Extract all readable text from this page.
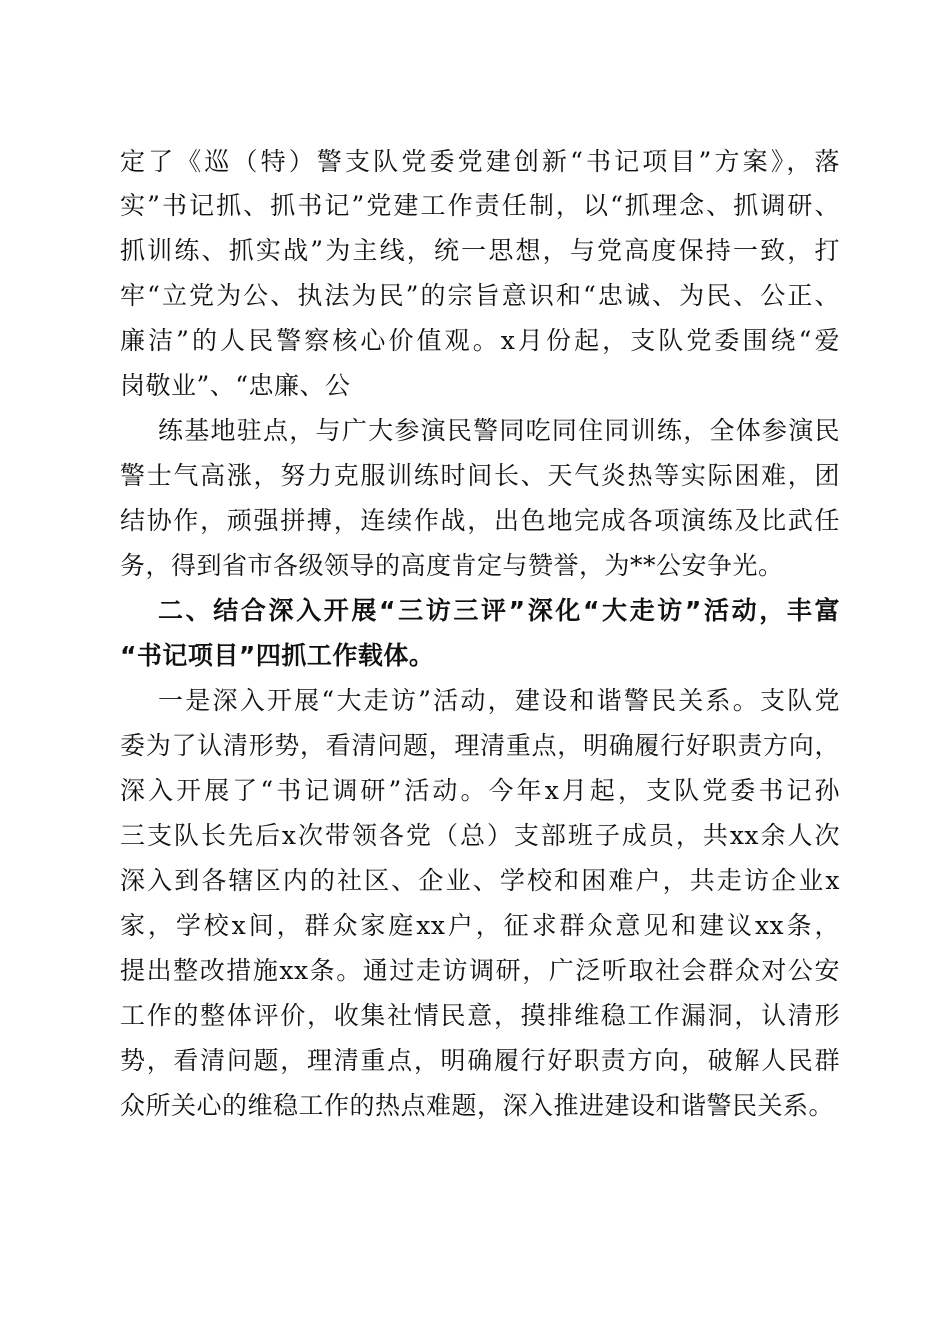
定了《巡（特）警支队党委党建创新“书记项目”方案》，落
实”书记抓、抓书记”党建工作责任制，以“抓理念、抓调研、
抓训练、抓实战”为主线，统一思想，与党高度保持一致，打
牢“立党为公、执法为民”的宗旨意识和“忠诚、为民、公正、
廉洁”的人民警察核心价值观。x月份起，支队党委围绕“爱
岗敬业”、“忠廉、公
练基地驻点，与广大参演民警同吃同住同训练，全体参演民
警士气高涨，努力克服训练时间长、天气炎热等实际困难，团
结协作，顽强拼搏，连续作战，出色地完成各项演练及比武任
务，得到省市各级领导的高度肯定与赞誉，为**公安争光。
二、结合深入开展“三访三评”深化“大走访”活动，丰富
“书记项目”四抓工作载体。
一是深入开展“大走访”活动，建设和谐警民关系。支队党
委为了认清形势，看清问题，理清重点，明确履行好职责方向，
深入开展了“书记调研”活动。今年x月起，支队党委书记孙
三支队长先后x次带领各党（总）支部班子成员，共xx余人次
深入到各辖区内的社区、企业、学校和困难户，共走访企业x
家，学校x间，群众家庭xx户，征求群众意见和建议xx条，
提出整改措施xx条。通过走访调研，广泛听取社会群众对公安
工作的整体评价，收集社情民意，摸排维稳工作漏洞，认清形
势，看清问题，理清重点，明确履行好职责方向，破解人民群
众所关心的维稳工作的热点难题，深入推进建设和谐警民关系。
